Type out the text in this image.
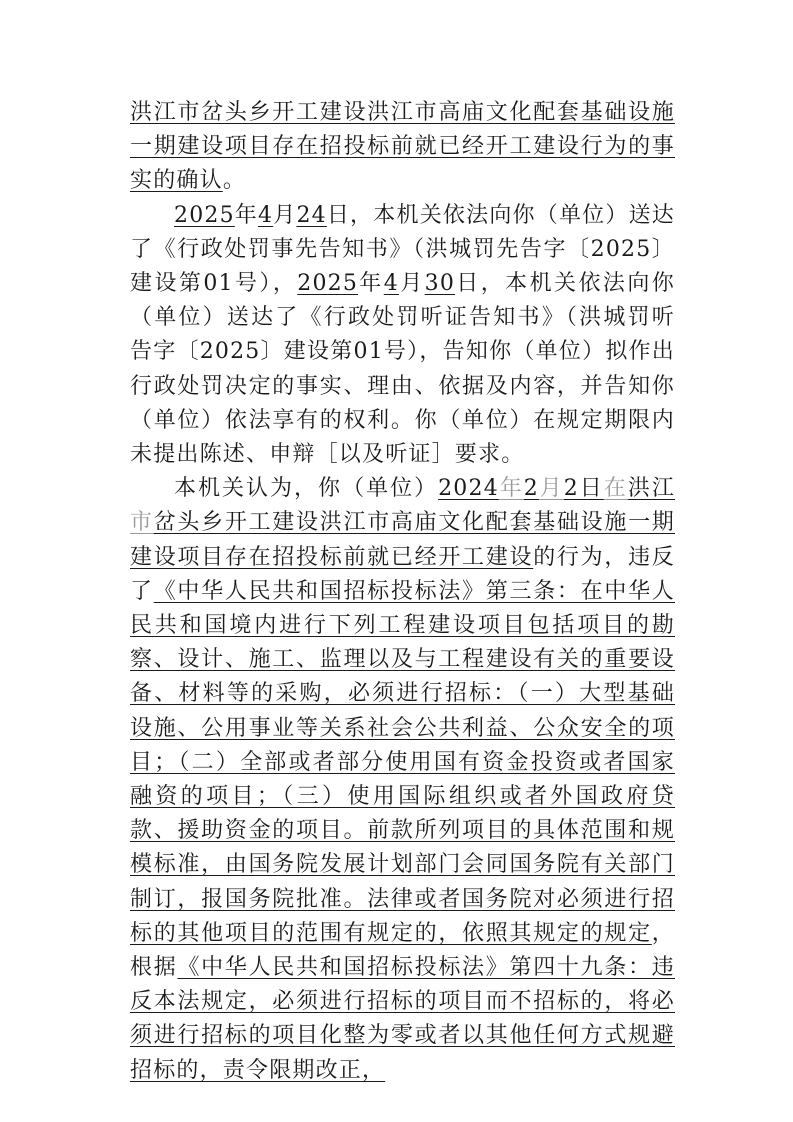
洪江市岔头乡开工建设洪江市高庙文化配套基础设施一期建设项目存在招投标前就已经开工建设行为的事实的确认。

2025年4月24日，本机关依法向你（单位）送达了《行政处罚事先告知书》（洪城罚先告字〔2025〕建设第01号），2025年4月30日，本机关依法向你（单位）送达了《行政处罚听证告知书》（洪城罚听告字〔2025〕建设第01号），告知你（单位）拟作出行政处罚决定的事实、理由、依据及内容，并告知你（单位）依法享有的权利。你（单位）在规定期限内未提出陈述、申辩［以及听证］要求。

本机关认为，你（单位）2024年2月2日在洪江市岔头乡开工建设洪江市高庙文化配套基础设施一期建设项目存在招投标前就已经开工建设的行为，违反了《中华人民共和国招标投标法》第三条：在中华人民共和国境内进行下列工程建设项目包括项目的勘察、设计、施工、监理以及与工程建设有关的重要设备、材料等的采购，必须进行招标：（一）大型基础设施、公用事业等关系社会公共利益、公众安全的项目；（二）全部或者部分使用国有资金投资或者国家融资的项目；（三）使用国际组织或者外国政府贷款、援助资金的项目。前款所列项目的具体范围和规模标准，由国务院发展计划部门会同国务院有关部门制订，报国务院批准。法律或者国务院对必须进行招标的其他项目的范围有规定的，依照其规定的规定，根据《中华人民共和国招标投标法》第四十九条：违反本法规定，必须进行招标的项目而不招标的，将必须进行招标的项目化整为零或者以其他任何方式规避招标的，责令限期改正，
